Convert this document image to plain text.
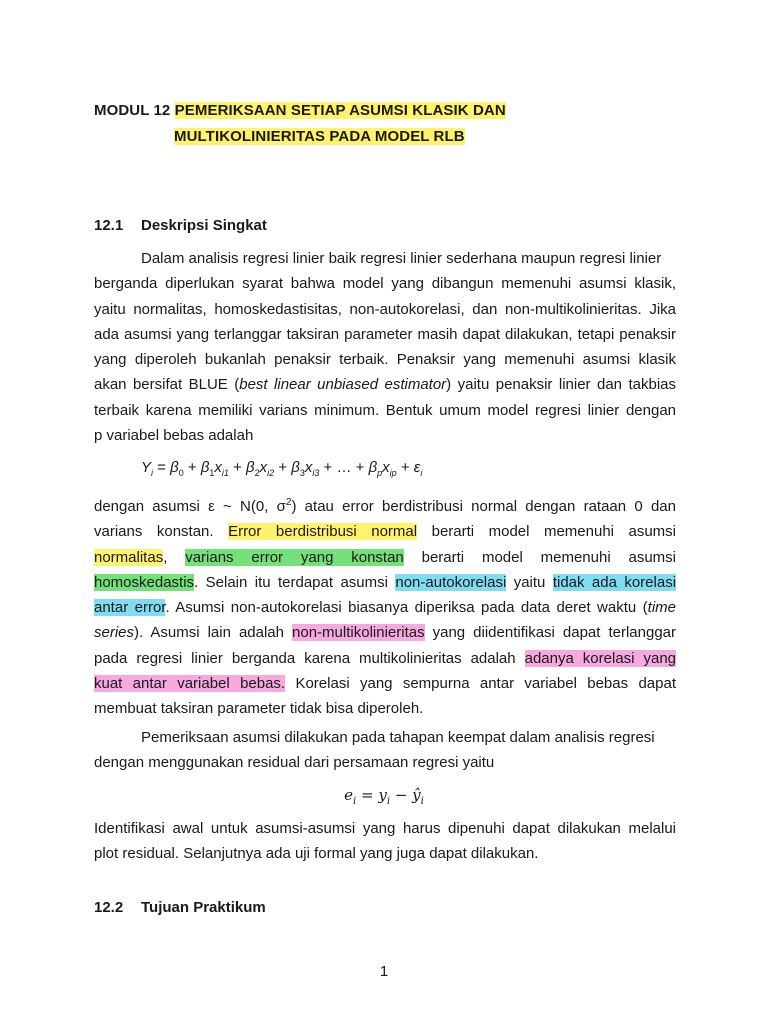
MODUL 12 PEMERIKSAAN SETIAP ASUMSI KLASIK DAN
MULTIKOLINIERITAS PADA MODEL RLB
12.1 Deskripsi Singkat
Dalam analisis regresi linier baik regresi linier sederhana maupun regresi linier
berganda diperlukan syarat bahwa model yang dibangun memenuhi asumsi klasik,
yaitu normalitas, homoskedastisitas, non-autokorelasi, dan non-multikolinieritas. Jika
ada asumsi yang terlanggar taksiran parameter masih dapat dilakukan, tetapi penaksir
yang diperoleh bukanlah penaksir terbaik. Penaksir yang memenuhi asumsi klasik
akan bersifat BLUE (best linear unbiased estimator) yaitu penaksir linier dan takbias
terbaik karena memiliki varians minimum. Bentuk umum model regresi linier dengan
p variabel bebas adalah
$Y_i = \beta_0 + \beta_1x_{i1} + \beta_2x_{i2} + \beta_3x_{i3}$ + … + $\beta_px_{ip} + \varepsilon_i$
dengan asumsi ε ~ N(0, $\sigma^2$) atau error berdistribusi normal dengan rataan 0 dan
varians konstan. Error berdistribusi normal berarti model memenuhi asumsi
normalitas, varians error yang konstan berarti model memenuhi asumsi
homoskedastis. Selain itu terdapat asumsi non-autokorelasi yaitu tidak ada korelasi
antar error. Asumsi non-autokorelasi biasanya diperiksa pada data deret waktu (time
series). Asumsi lain adalah non-multikolinieritas yang diidentifikasi dapat terlanggar
pada regresi linier berganda karena multikolinieritas adalah adanya korelasi yang
kuat antar variabel bebas. Korelasi yang sempurna antar variabel bebas dapat
membuat taksiran parameter tidak bisa diperoleh.
Pemeriksaan asumsi dilakukan pada tahapan keempat dalam analisis regresi
dengan menggunakan residual dari persamaan regresi yaitu
$e_i = y_i$ − $ŷ_i$
Identifikasi awal untuk asumsi-asumsi yang harus dipenuhi dapat dilakukan melalui
plot residual. Selanjutnya ada uji formal yang juga dapat dilakukan.
12.2 Tujuan Praktikum
1
